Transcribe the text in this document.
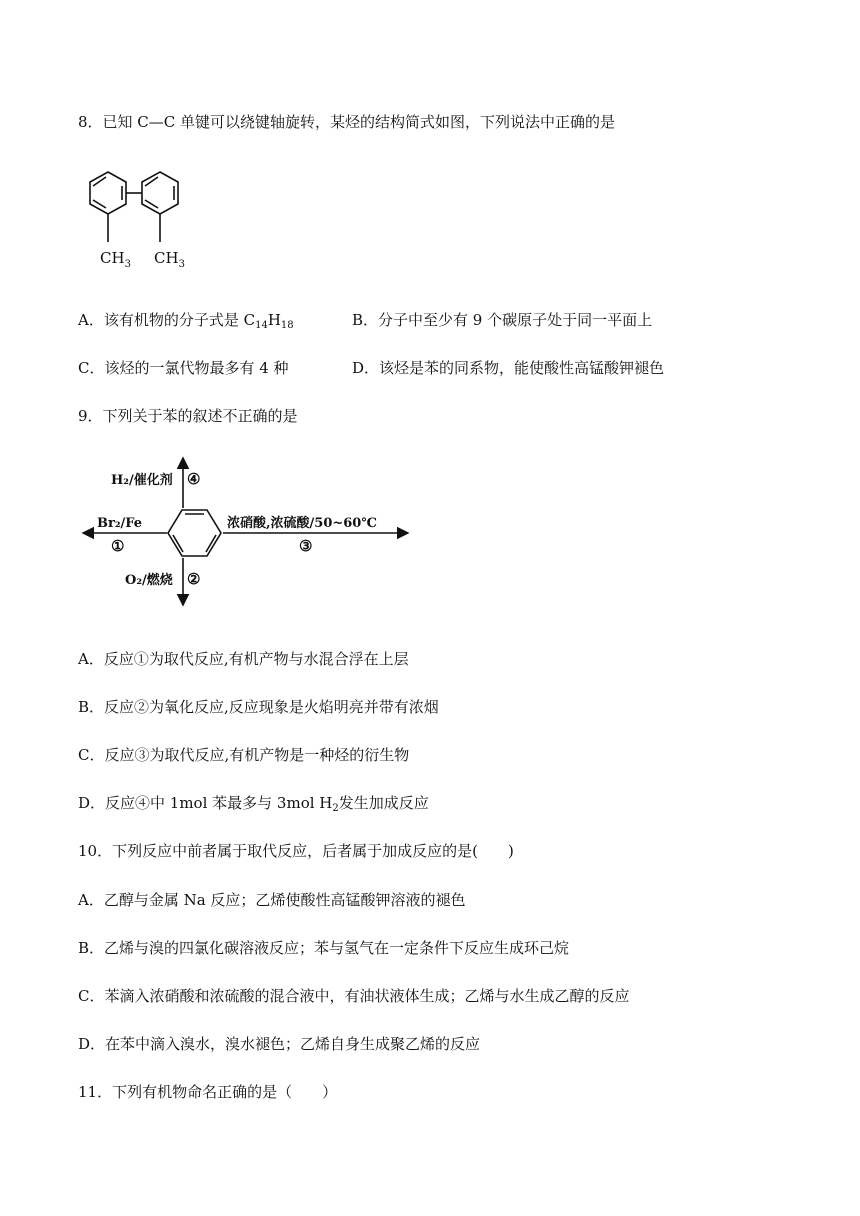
8．已知 C—C 单键可以绕键轴旋转，某烃的结构简式如图，下列说法中正确的是
$CH_3$ $CH_3$
A．该有机物的分子式是 $C_{14}H_{18}$	B．分子中至少有 9 个碳原子处于同一平面上
C．该烃的一氯代物最多有 4 种	D．该烃是苯的同系物，能使酸性高锰酸钾褪色
9．下列关于苯的叙述不正确的是
H₂/催化剂 ④
Br₂/Fe
①
浓硝酸,浓硫酸/50~60℃
③
O₂/燃烧 ②
A．反应①为取代反应,有机产物与水混合浮在上层
B．反应②为氧化反应,反应现象是火焰明亮并带有浓烟
C．反应③为取代反应,有机产物是一种烃的衍生物
D．反应④中 1mol 苯最多与 3mol $H_2$发生加成反应
10．下列反应中前者属于取代反应，后者属于加成反应的是(　　)
A．乙醇与金属 Na 反应；乙烯使酸性高锰酸钾溶液的褪色
B．乙烯与溴的四氯化碳溶液反应；苯与氢气在一定条件下反应生成环己烷
C．苯滴入浓硝酸和浓硫酸的混合液中，有油状液体生成；乙烯与水生成乙醇的反应
D．在苯中滴入溴水，溴水褪色；乙烯自身生成聚乙烯的反应
11．下列有机物命名正确的是（　　）
